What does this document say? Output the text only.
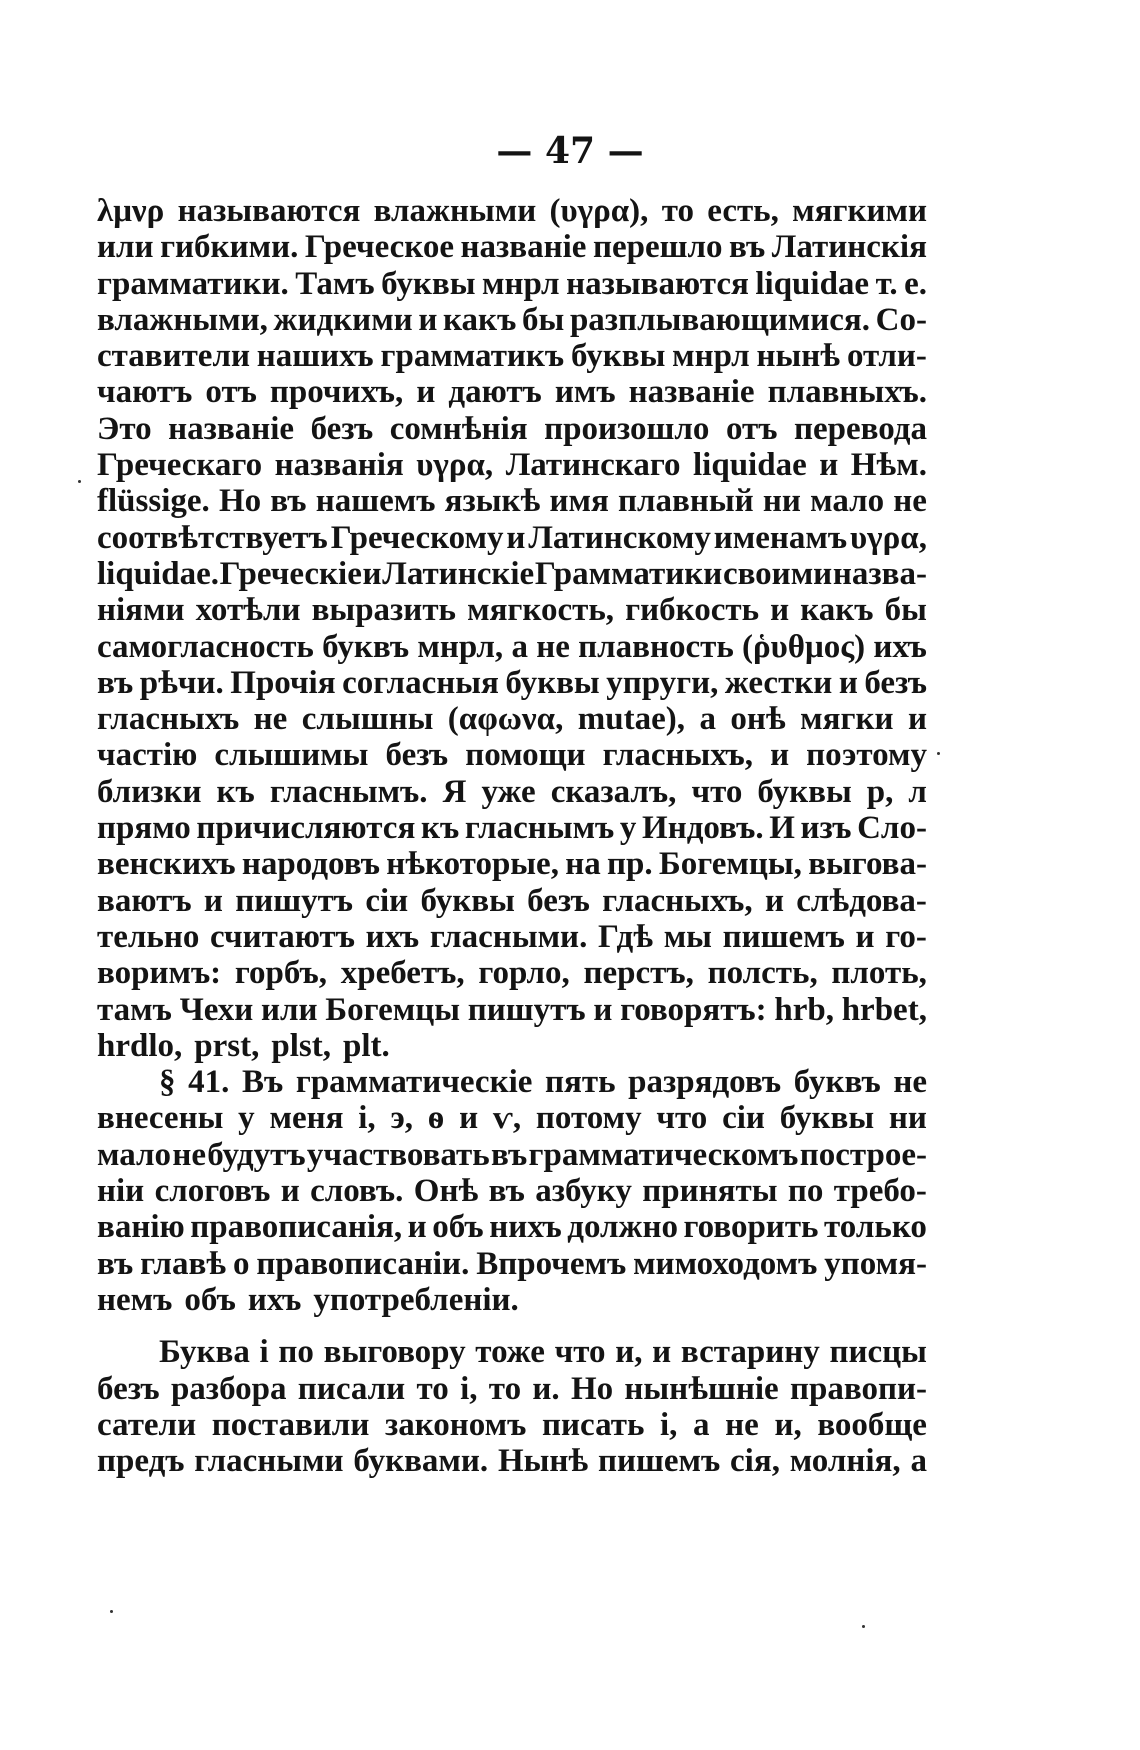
— 47 —
λμνρ называются влажными (υγρα), то есть, мягкими
или гибкими. Греческое названіе перешло въ Латинскія
грамматики. Тамъ буквы мнрл называются liquidae т. е.
влажными, жидкими и какъ бы разплывающимися. Со-
ставители нашихъ грамматикъ буквы мнрл нынѣ отли-
чаютъ отъ прочихъ, и даютъ имъ названіе плавныхъ.
Это названіе безъ сомнѣнія произошло отъ перевода
Греческаго названія υγρα, Латинскаго liquidae и Нѣм.
flüssige. Но въ нашемъ языкѣ имя плавный ни мало не
соотвѣтствуетъ Греческому и Латинскому именамъ υγρα,
liquidae. Греческіе и Латинскіе Грамматики своими назва-
ніями хотѣли выразить мягкость, гибкость и какъ бы
самогласность буквъ мнрл, а не плавность (ῥυθμος) ихъ
въ рѣчи. Прочія согласныя буквы упруги, жестки и безъ
гласныхъ не слышны (αφωνα, mutae), а онѣ мягки и
частію слышимы безъ помощи гласныхъ, и поэтому
близки къ гласнымъ. Я уже сказалъ, что буквы р, л
прямо причисляются къ гласнымъ у Индовъ. И изъ Сло-
венскихъ народовъ нѣкоторые, на пр. Богемцы, выгова-
ваютъ и пишутъ сіи буквы безъ гласныхъ, и слѣдова-
тельно считаютъ ихъ гласными. Гдѣ мы пишемъ и го-
воримъ: горбъ, хребетъ, горло, перстъ, полсть, плоть,
тамъ Чехи или Богемцы пишутъ и говорятъ: hrb, hrbet,
hrdlo, prst, plst, plt.
§ 41. Въ грамматическіе пять разрядовъ буквъ не
внесены у меня і, э, ѳ и ѵ, потому что сіи буквы ни
мало не будутъ участвовать въ грамматическомъ построе-
ніи слоговъ и словъ. Онѣ въ азбуку приняты по требо-
ванію правописанія, и объ нихъ должно говорить только
въ главѣ о правописаніи. Впрочемъ мимоходомъ упомя-
немъ объ ихъ употребленіи.
Буква і по выговору тоже что и, и встарину писцы
безъ разбора писали то і, то и. Но нынѣшніе правопи-
сатели поставили закономъ писать і, а не и, вообще
предъ гласными буквами. Нынѣ пишемъ сія, молнія, а
